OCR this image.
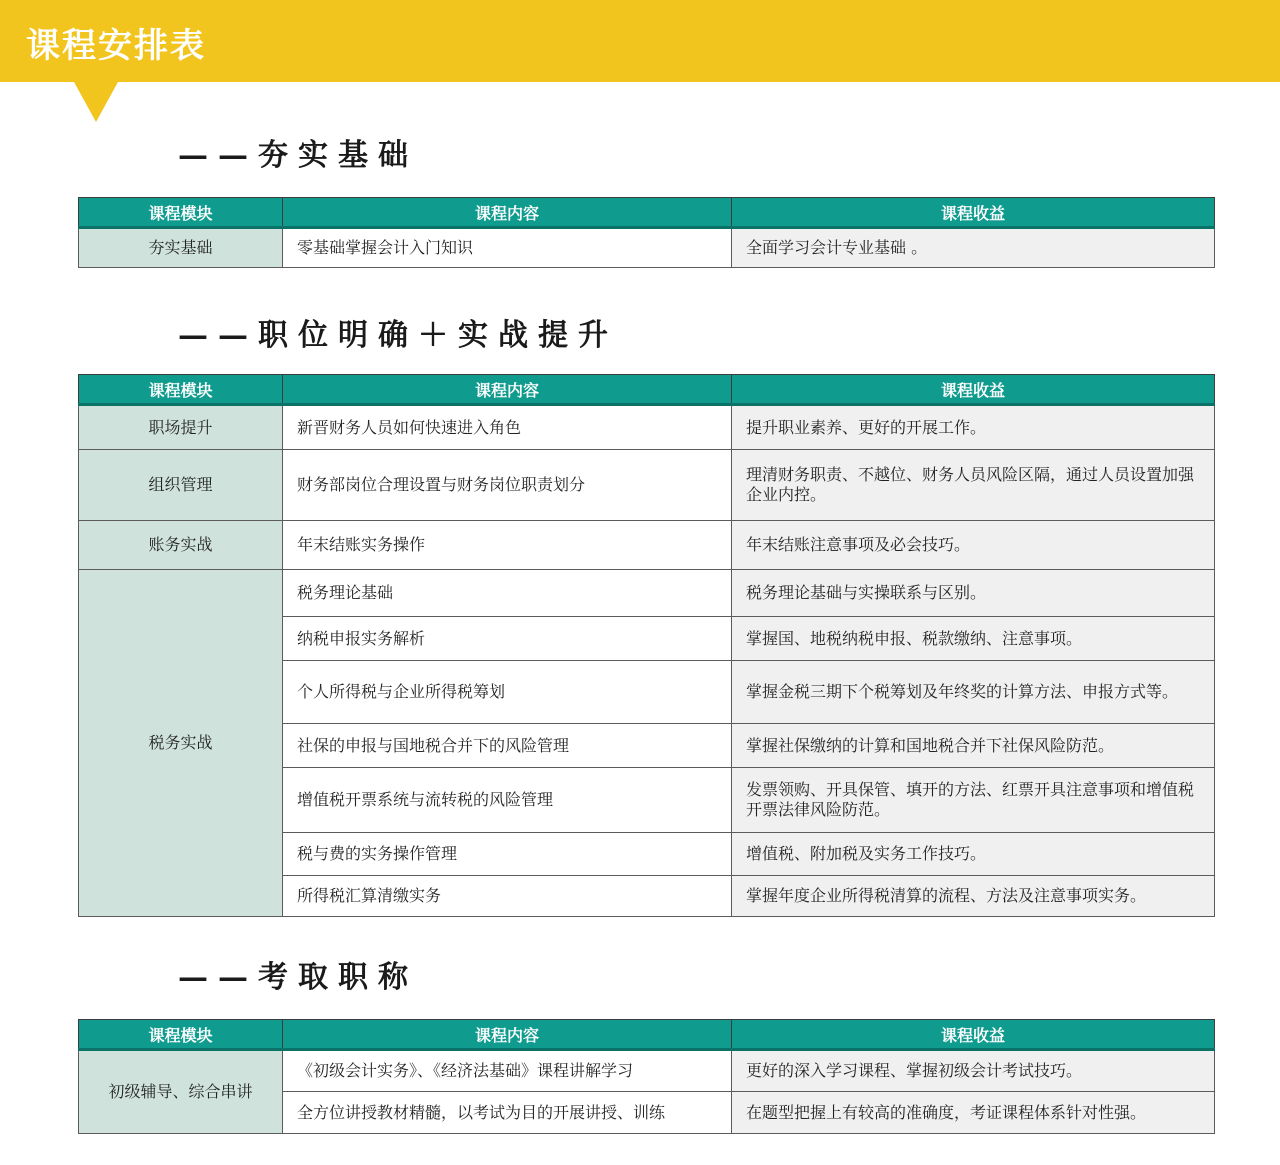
课程安排表
——夯实基础
课程模块	课程内容	课程收益
夯实基础	零基础掌握会计入门知识	全面学习会计专业基础 。
——职位明确＋实战提升
课程模块	课程内容	课程收益
职场提升	新晋财务人员如何快速进入角色	提升职业素养、更好的开展工作。
组织管理	财务部岗位合理设置与财务岗位职责划分	理清财务职责、不越位、财务人员风险区隔，通过人员设置加强企业内控。
账务实战	年末结账实务操作	年末结账注意事项及必会技巧。
税务实战	税务理论基础	税务理论基础与实操联系与区别。
	纳税申报实务解析	掌握国、地税纳税申报、税款缴纳、注意事项。
	个人所得税与企业所得税筹划	掌握金税三期下个税筹划及年终奖的计算方法、申报方式等。
	社保的申报与国地税合并下的风险管理	掌握社保缴纳的计算和国地税合并下社保风险防范。
	增值税开票系统与流转税的风险管理	发票领购、开具保管、填开的方法、红票开具注意事项和增值税开票法律风险防范。
	税与费的实务操作管理	增值税、附加税及实务工作技巧。
	所得税汇算清缴实务	掌握年度企业所得税清算的流程、方法及注意事项实务。
——考取职称
课程模块	课程内容	课程收益
初级辅导、综合串讲	《初级会计实务》、《经济法基础》课程讲解学习	更好的深入学习课程、掌握初级会计考试技巧。
	全方位讲授教材精髓，以考试为目的开展讲授、训练	在题型把握上有较高的准确度，考证课程体系针对性强。
